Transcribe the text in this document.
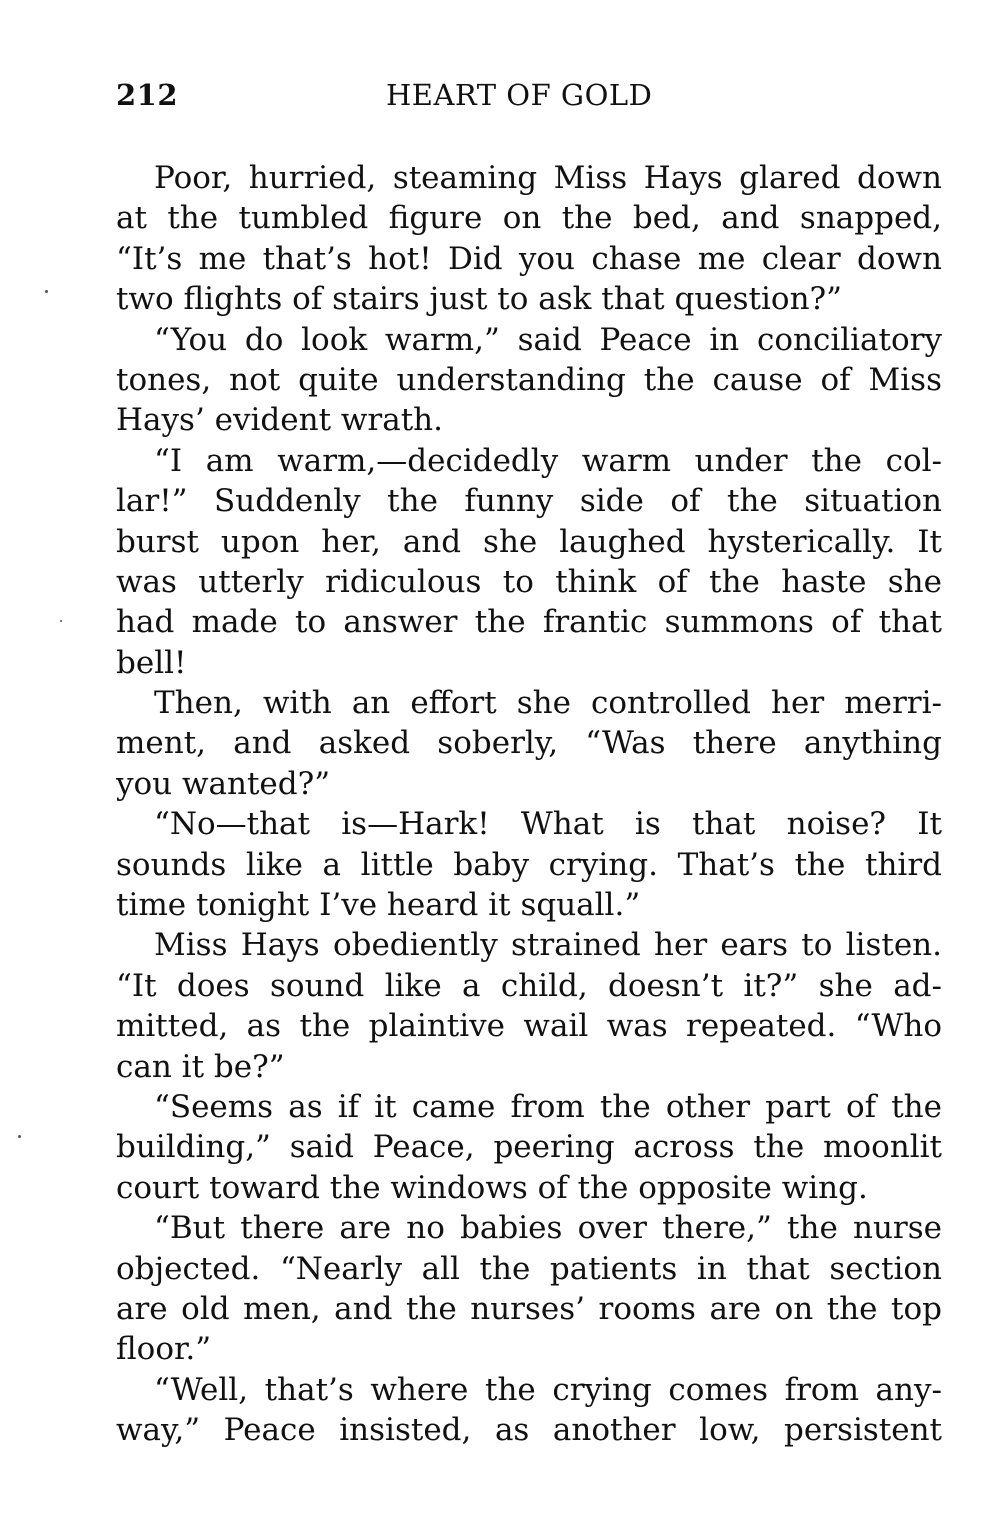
212	HEART OF GOLD
Poor, hurried, steaming Miss Hays glared down
at the tumbled figure on the bed, and snapped,
“It’s me that’s hot! Did you chase me clear down
two flights of stairs just to ask that question?”
“You do look warm,” said Peace in conciliatory
tones, not quite understanding the cause of Miss
Hays’ evident wrath.
“I am warm,—decidedly warm under the col-
lar!” Suddenly the funny side of the situation
burst upon her, and she laughed hysterically. It
was utterly ridiculous to think of the haste she
had made to answer the frantic summons of that
bell!
Then, with an effort she controlled her merri-
ment, and asked soberly, “Was there anything
you wanted?”
“No—that is—Hark! What is that noise? It
sounds like a little baby crying. That’s the third
time tonight I’ve heard it squall.”
Miss Hays obediently strained her ears to listen.
“It does sound like a child, doesn’t it?” she ad-
mitted, as the plaintive wail was repeated. “Who
can it be?”
“Seems as if it came from the other part of the
building,” said Peace, peering across the moonlit
court toward the windows of the opposite wing.
“But there are no babies over there,” the nurse
objected. “Nearly all the patients in that section
are old men, and the nurses’ rooms are on the top
floor.”
“Well, that’s where the crying comes from any-
way,” Peace insisted, as another low, persistent
